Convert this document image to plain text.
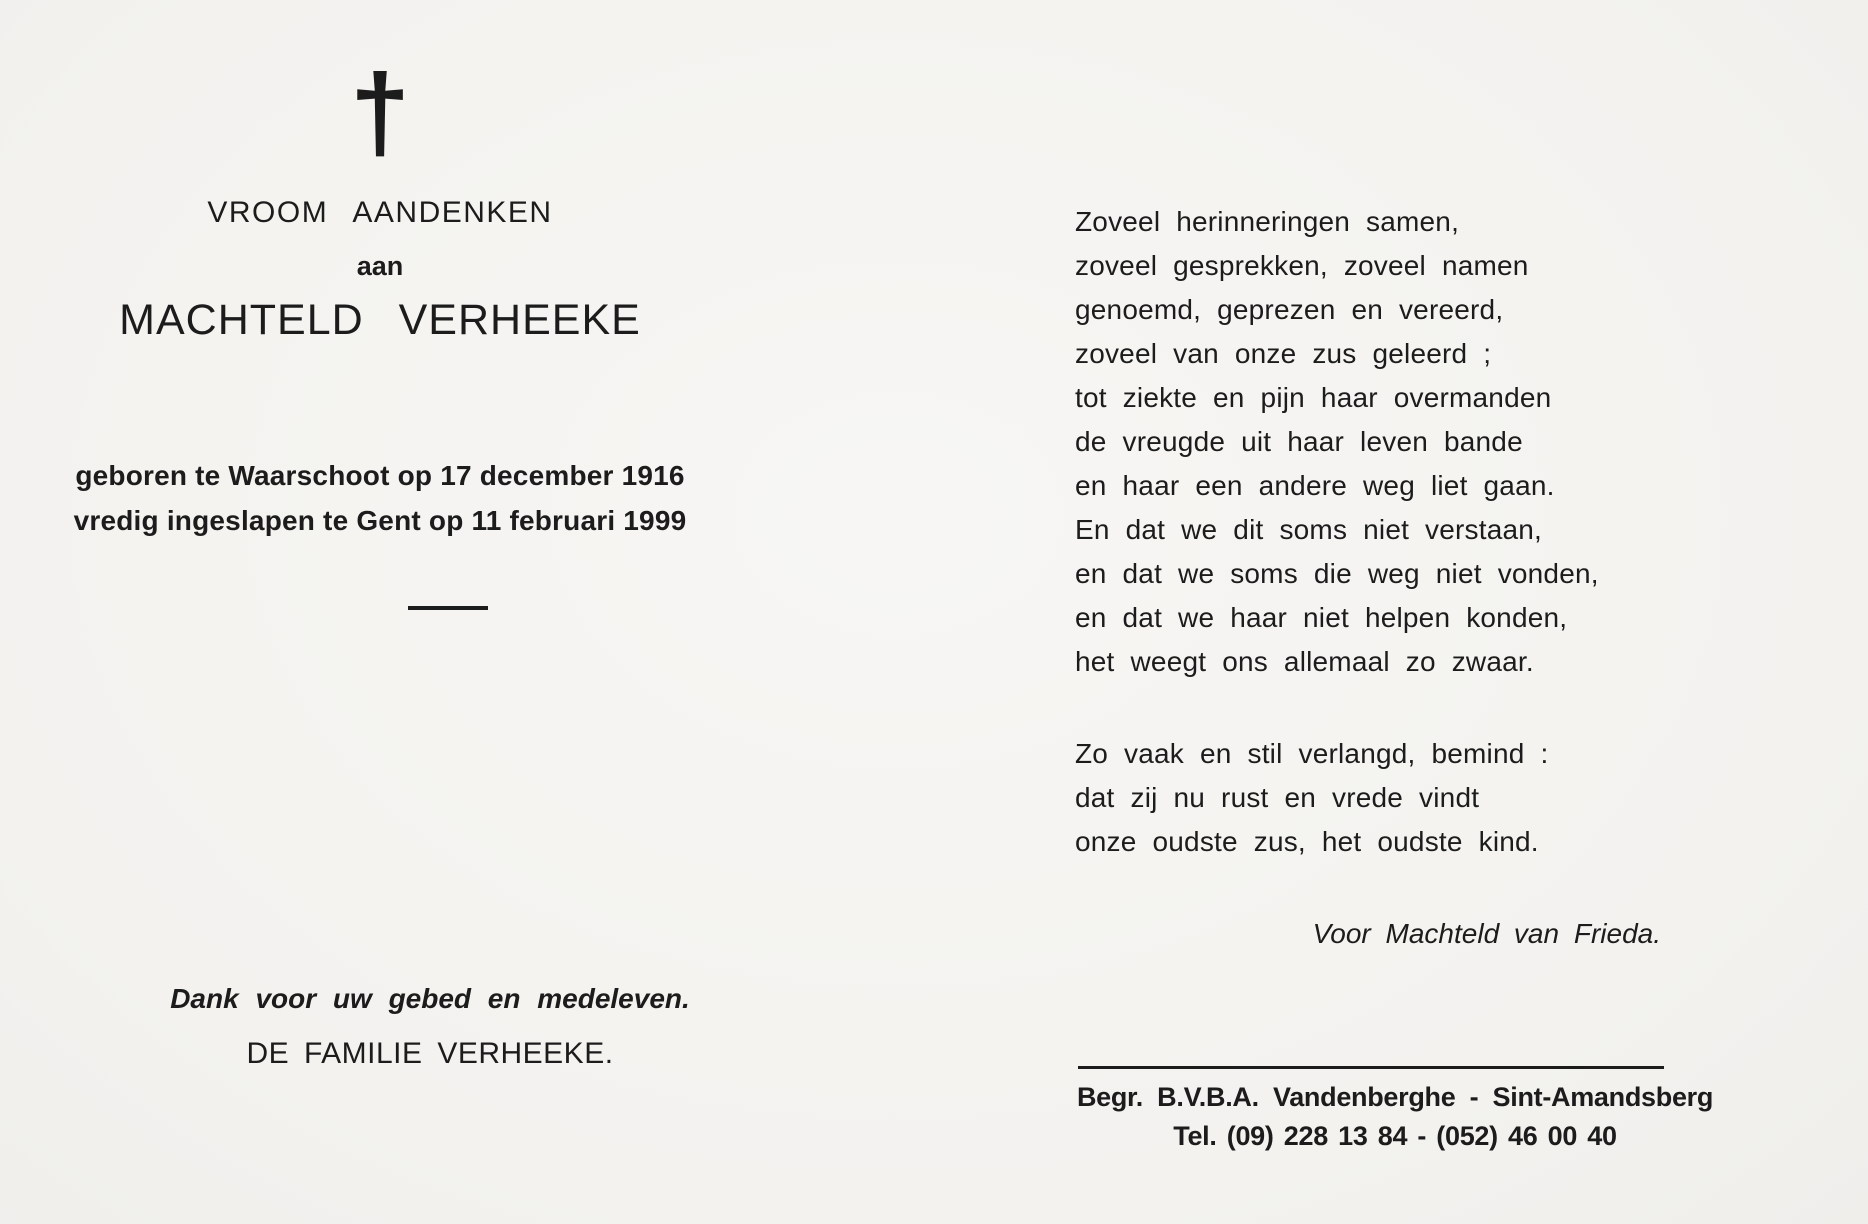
†
VROOM AANDENKEN
aan
MACHTELD VERHEEKE
geboren te Waarschoot op 17 december 1916
vredig ingeslapen te Gent op 11 februari 1999
Dank voor uw gebed en medeleven.
DE FAMILIE VERHEEKE.
Zoveel herinneringen samen,
zoveel gesprekken, zoveel namen
genoemd, geprezen en vereerd,
zoveel van onze zus geleerd ;
tot ziekte en pijn haar overmanden
de vreugde uit haar leven bande
en haar een andere weg liet gaan.
En dat we dit soms niet verstaan,
en dat we soms die weg niet vonden,
en dat we haar niet helpen konden,
het weegt ons allemaal zo zwaar.
Zo vaak en stil verlangd, bemind :
dat zij nu rust en vrede vindt
onze oudste zus, het oudste kind.
Voor Machteld van Frieda.
Begr. B.V.B.A. Vandenberghe - Sint-Amandsberg
Tel. (09) 228 13 84 - (052) 46 00 40
